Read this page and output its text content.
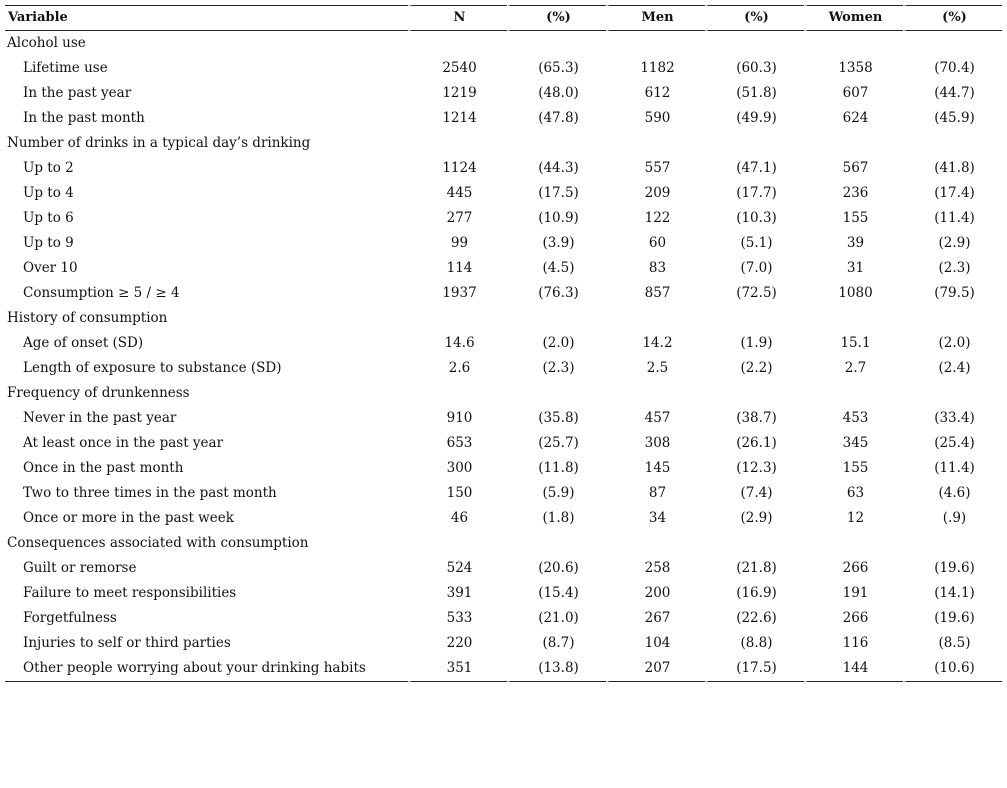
Variable	N	(%)	Men	(%)	Women	(%)
Alcohol use						
Lifetime use	2540	(65.3)	1182	(60.3)	1358	(70.4)
In the past year	1219	(48.0)	612	(51.8)	607	(44.7)
In the past month	1214	(47.8)	590	(49.9)	624	(45.9)
Number of drinks in a typical day’s drinking						
Up to 2	1124	(44.3)	557	(47.1)	567	(41.8)
Up to 4	445	(17.5)	209	(17.7)	236	(17.4)
Up to 6	277	(10.9)	122	(10.3)	155	(11.4)
Up to 9	99	(3.9)	60	(5.1)	39	(2.9)
Over 10	114	(4.5)	83	(7.0)	31	(2.3)
Consumption ≥ 5 / ≥ 4	1937	(76.3)	857	(72.5)	1080	(79.5)
History of consumption						
Age of onset (SD)	14.6	(2.0)	14.2	(1.9)	15.1	(2.0)
Length of exposure to substance (SD)	2.6	(2.3)	2.5	(2.2)	2.7	(2.4)
Frequency of drunkenness						
Never in the past year	910	(35.8)	457	(38.7)	453	(33.4)
At least once in the past year	653	(25.7)	308	(26.1)	345	(25.4)
Once in the past month	300	(11.8)	145	(12.3)	155	(11.4)
Two to three times in the past month	150	(5.9)	87	(7.4)	63	(4.6)
Once or more in the past week	46	(1.8)	34	(2.9)	12	(.9)
Consequences associated with consumption						
Guilt or remorse	524	(20.6)	258	(21.8)	266	(19.6)
Failure to meet responsibilities	391	(15.4)	200	(16.9)	191	(14.1)
Forgetfulness	533	(21.0)	267	(22.6)	266	(19.6)
Injuries to self or third parties	220	(8.7)	104	(8.8)	116	(8.5)
Other people worrying about your drinking habits	351	(13.8)	207	(17.5)	144	(10.6)
